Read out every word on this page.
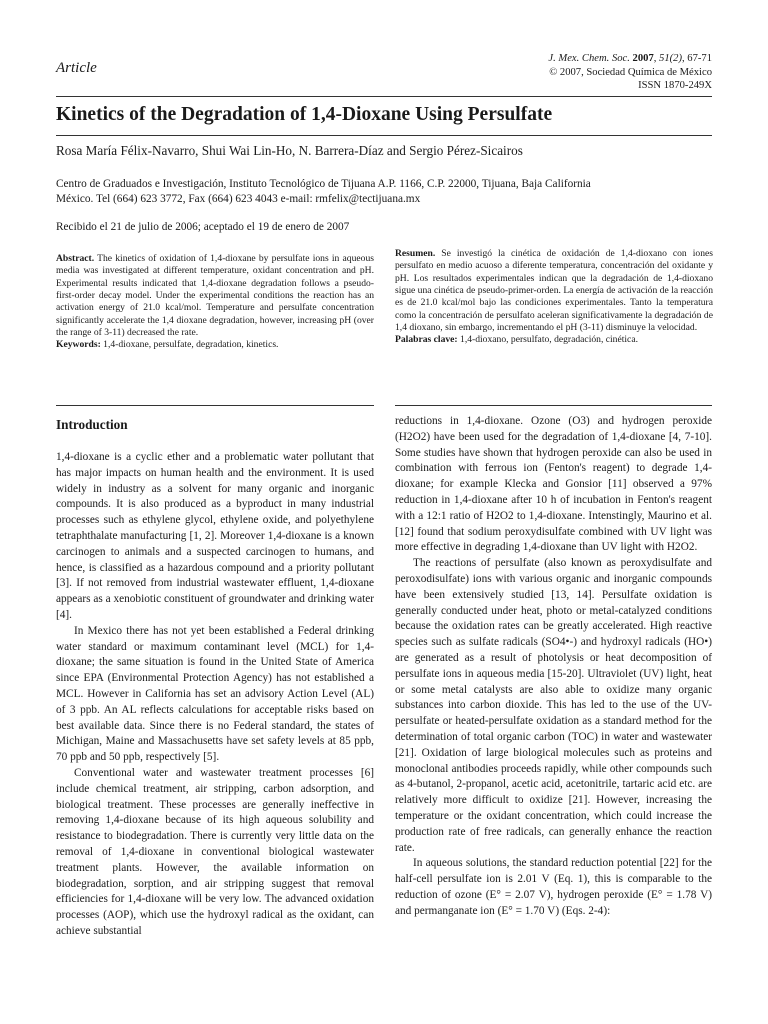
Article
J. Mex. Chem. Soc. 2007, 51(2), 67-71
© 2007, Sociedad Química de México
ISSN 1870-249X
Kinetics of the Degradation of 1,4-Dioxane Using Persulfate
Rosa María Félix-Navarro, Shui Wai Lin-Ho, N. Barrera-Díaz and Sergio Pérez-Sicairos
Centro de Graduados e Investigación, Instituto Tecnológico de Tijuana A.P. 1166, C.P. 22000, Tijuana, Baja California
México. Tel (664) 623 3772, Fax (664) 623 4043 e-mail: rmfelix@tectijuana.mx
Recibido el 21 de julio de 2006; aceptado el 19 de enero de 2007
Abstract. The kinetics of oxidation of 1,4-dioxane by persulfate ions in aqueous media was investigated at different temperature, oxidant concentration and pH. Experimental results indicated that 1,4-dioxane degradation follows a pseudo-first-order decay model. Under the experimental conditions the reaction has an activation energy of 21.0 kcal/mol. Temperature and persulfate concentration significantly accelerate the 1,4 dioxane degradation, however, increasing pH (over the range of 3-11) decreased the rate.
Keywords: 1,4-dioxane, persulfate, degradation, kinetics.
Resumen. Se investigó la cinética de oxidación de 1,4-dioxano con iones persulfato en medio acuoso a diferente temperatura, concentración del oxidante y pH. Los resultados experimentales indican que la degradación de 1,4-dioxano sigue una cinética de pseudo-primer-orden. La energía de activación de la reacción es de 21.0 kcal/mol bajo las condiciones experimentales. Tanto la temperatura como la concentración de persulfato aceleran significativamente la degradación de 1,4 dioxano, sin embargo, incrementando el pH (3-11) disminuye la velocidad.
Palabras clave: 1,4-dioxano, persulfato, degradación, cinética.
Introduction

1,4-dioxane is a cyclic ether and a problematic water pollutant that has major impacts on human health and the environment. It is used widely in industry as a solvent for many organic and inorganic compounds. It is also produced as a byproduct in many industrial processes such as ethylene glycol, ethylene oxide, and polyethylene tetraphthalate manufacturing [1, 2]. Moreover 1,4-dioxane is a known carcinogen to animals and a suspected carcinogen to humans, and hence, is classified as a hazardous compound and a priority pollutant [3]. If not removed from industrial wastewater effluent, 1,4-dioxane appears as a xenobiotic constituent of groundwater and drinking water [4].

In Mexico there has not yet been established a Federal drinking water standard or maximum contaminant level (MCL) for 1,4-dioxane; the same situation is found in the United State of America since EPA (Environmental Protection Agency) has not established a MCL. However in California has set an advisory Action Level (AL) of 3 ppb. An AL reflects calculations for acceptable risks based on best available data. Since there is no Federal standard, the states of Michigan, Maine and Massachusetts have set safety levels at 85 ppb, 70 ppb and 50 ppb, respectively [5].

Conventional water and wastewater treatment processes [6] include chemical treatment, air stripping, carbon adsorption, and biological treatment. These processes are generally ineffective in removing 1,4-dioxane because of its high aqueous solubility and resistance to biodegradation. There is currently very little data on the removal of 1,4-dioxane in conventional biological wastewater treatment plants. However, the available information on biodegradation, sorption, and air stripping suggest that removal efficiencies for 1,4-dioxane will be very low. The advanced oxidation processes (AOP), which use the hydroxyl radical as the oxidant, can achieve substantial

reductions in 1,4-dioxane. Ozone (O3) and hydrogen peroxide (H2O2) have been used for the degradation of 1,4-dioxane [4, 7-10]. Some studies have shown that hydrogen peroxide can also be used in combination with ferrous ion (Fenton's reagent) to degrade 1,4-dioxane; for example Klecka and Gonsior [11] observed a 97% reduction in 1,4-dioxane after 10 h of incubation in Fenton's reagent with a 12:1 ratio of H2O2 to 1,4-dioxane. Intenstingly, Maurino et al. [12] found that sodium peroxydisulfate combined with UV light was more effective in degrading 1,4-dioxane than UV light with H2O2.

The reactions of persulfate (also known as peroxydisulfate and peroxodisulfate) ions with various organic and inorganic compounds have been extensively studied [13, 14]. Persulfate oxidation is generally conducted under heat, photo or metal-catalyzed conditions because the oxidation rates can be greatly accelerated. High reactive species such as sulfate radicals (SO4•-) and hydroxyl radicals (HO•) are generated as a result of photolysis or heat decomposition of persulfate ions in aqueous media [15-20]. Ultraviolet (UV) light, heat or some metal catalysts are also able to oxidize many organic substances into carbon dioxide. This has led to the use of the UV-persulfate or heated-persulfate oxidation as a standard method for the determination of total organic carbon (TOC) in water and wastewater [21]. Oxidation of large biological molecules such as proteins and monoclonal antibodies proceeds rapidly, while other compounds such as 4-butanol, 2-propanol, acetic acid, acetonitrile, tartaric acid etc. are relatively more difficult to oxidize [21]. However, increasing the temperature or the oxidant concentration, which could increase the production rate of free radicals, can generally enhance the reaction rate.

In aqueous solutions, the standard reduction potential [22] for the half-cell persulfate ion is 2.01 V (Eq. 1), this is comparable to the reduction of ozone (E° = 2.07 V), hydrogen peroxide (E° = 1.78 V) and permanganate ion (E° = 1.70 V) (Eqs. 2-4):
